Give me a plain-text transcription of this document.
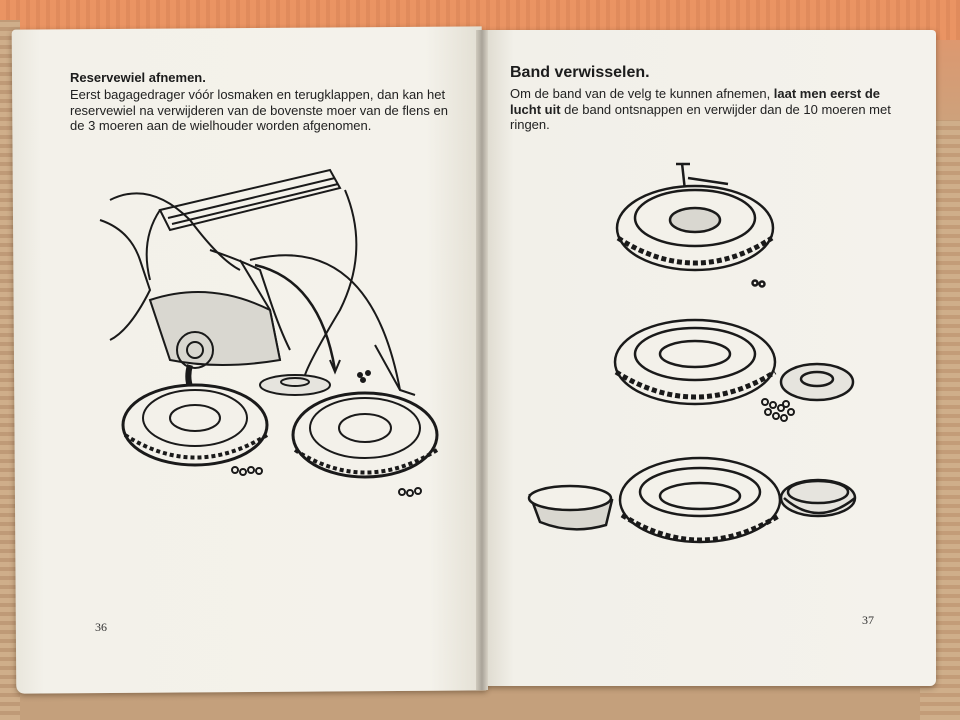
Reservewiel afnemen.

Eerst bagagedrager vóór losmaken en terugklappen, dan kan het reservewiel na verwijderen van de bovenste moer van de flens en de 3 moeren aan de wielhouder worden afgenomen.

Band verwisselen.

Om de band van de velg te kunnen afnemen, laat men eerst de lucht uit de band ontsnappen en verwijder dan de 10 moeren met ringen.

36	37
